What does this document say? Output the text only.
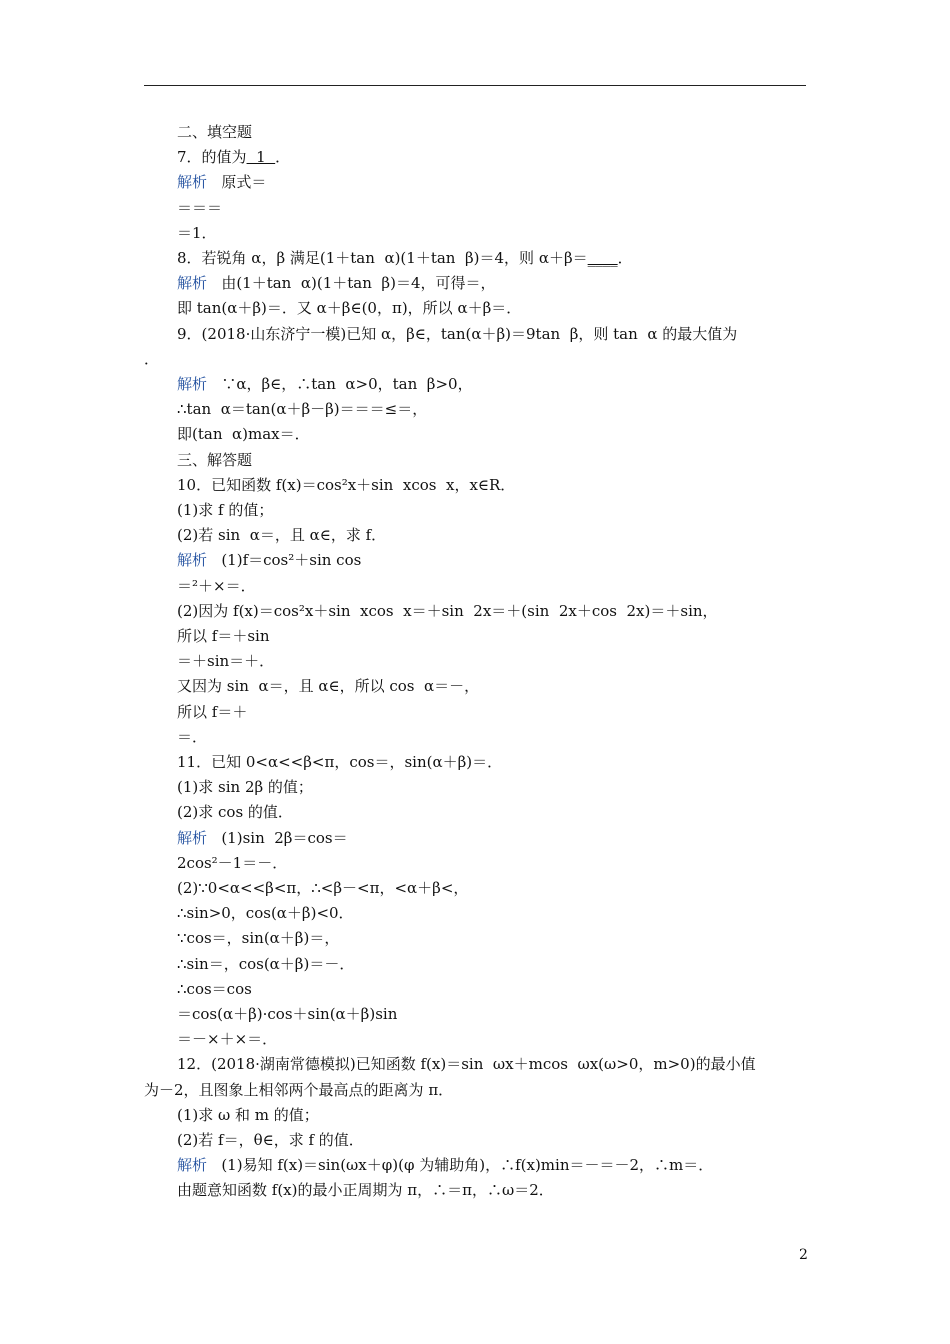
二、填空题
7．的值为  1  ．
解析   原式＝
＝＝＝
＝1．
8．若锐角 α，β 满足(1＋tan  α)(1＋tan  β)＝4，则 α＋β＝____．
解析   由(1＋tan  α)(1＋tan  β)＝4，可得＝，
即 tan(α＋β)＝．又 α＋β∈(0，π)，所以 α＋β＝．
9．(2018·山东济宁一模)已知 α，β∈，tan(α＋β)＝9tan  β，则 tan  α 的最大值为
．
解析   ∵α，β∈，∴tan  α>0，tan  β>0，
∴tan  α＝tan(α＋β－β)＝＝＝≤＝，
即(tan  α)max＝．
三、解答题
10．已知函数 f(x)＝cos²x＋sin  xcos  x，x∈R．
(1)求 f 的值；
(2)若 sin  α＝，且 α∈，求 f．
解析   (1)f＝cos²＋sin cos
＝²＋×＝．
(2)因为 f(x)＝cos²x＋sin  xcos  x＝＋sin  2x＝＋(sin  2x＋cos  2x)＝＋sin，
所以 f＝＋sin
＝＋sin＝＋．
又因为 sin  α＝，且 α∈，所以 cos  α＝－，
所以 f＝＋
＝．
11．已知 0<α<<β<π，cos＝，sin(α＋β)＝．
(1)求 sin 2β 的值；
(2)求 cos 的值．
解析   (1)sin  2β＝cos＝
2cos²－1＝－．
(2)∵0<α<<β<π，∴<β－<π，<α＋β<，
∴sin>0，cos(α＋β)<0．
∵cos＝，sin(α＋β)＝，
∴sin＝，cos(α＋β)＝－．
∴cos＝cos
＝cos(α＋β)·cos＋sin(α＋β)sin
＝－×＋×＝．
12．(2018·湖南常德模拟)已知函数 f(x)＝sin  ωx＋mcos  ωx(ω>0，m>0)的最小值
为－2，且图象上相邻两个最高点的距离为 π．
(1)求 ω 和 m 的值；
(2)若 f＝，θ∈，求 f 的值．
解析   (1)易知 f(x)＝sin(ωx＋φ)(φ 为辅助角)，∴f(x)min＝－＝－2，∴m＝．
由题意知函数 f(x)的最小正周期为 π，∴＝π，∴ω＝2．
2
